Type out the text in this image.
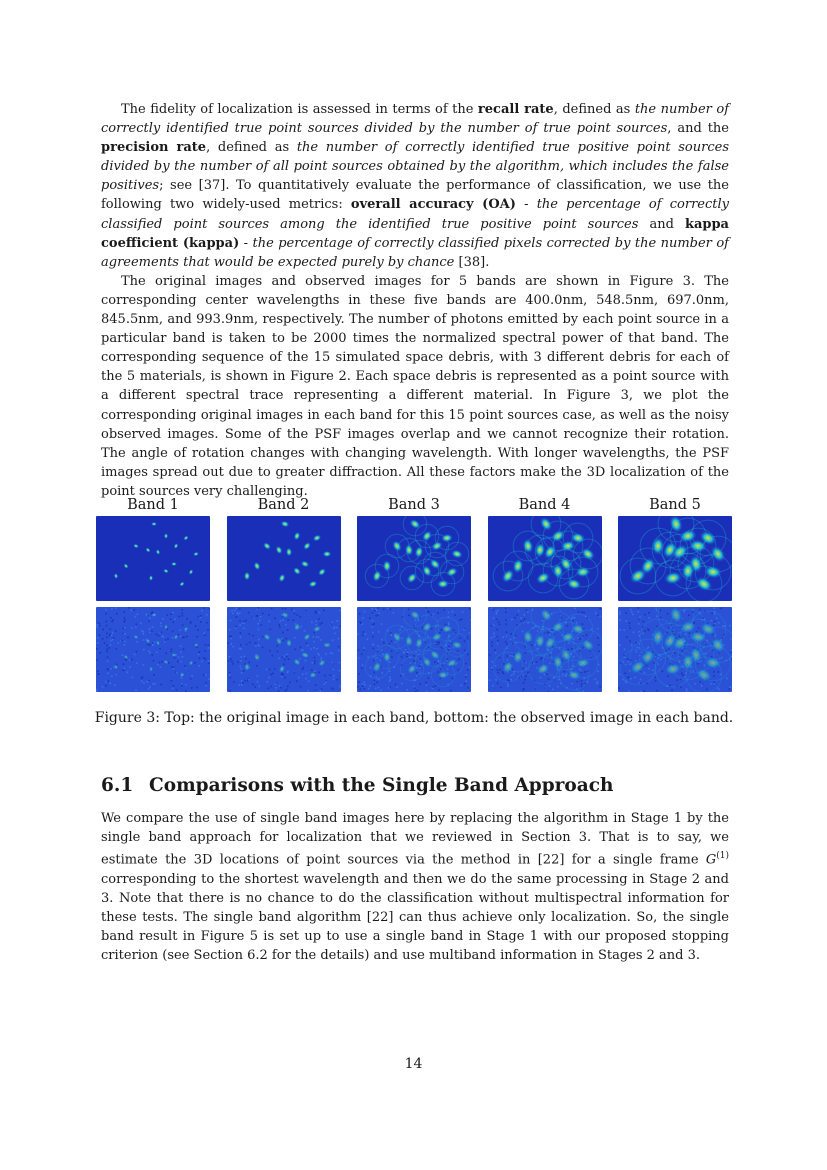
The fidelity of localization is assessed in terms of the recall rate, defined as the number of correctly identified true point sources divided by the number of true point sources, and the precision rate, defined as the number of correctly identified true positive point sources divided by the number of all point sources obtained by the algorithm, which includes the false positives; see [37]. To quantitatively evaluate the performance of classification, we use the following two widely-used metrics: overall accuracy (OA) - the percentage of correctly classified point sources among the identified true positive point sources and kappa coefficient (kappa) - the percentage of correctly classified pixels corrected by the number of agreements that would be expected purely by chance [38].

The original images and observed images for 5 bands are shown in Figure 3. The corresponding center wavelengths in these five bands are 400.0nm, 548.5nm, 697.0nm, 845.5nm, and 993.9nm, respectively. The number of photons emitted by each point source in a particular band is taken to be 2000 times the normalized spectral power of that band. The corresponding sequence of the 15 simulated space debris, with 3 different debris for each of the 5 materials, is shown in Figure 2. Each space debris is represented as a point source with a different spectral trace representing a different material. In Figure 3, we plot the corresponding original images in each band for this 15 point sources case, as well as the noisy observed images. Some of the PSF images overlap and we cannot recognize their rotation. The angle of rotation changes with changing wavelength. With longer wavelengths, the PSF images spread out due to greater diffraction. All these factors make the 3D localization of the point sources very challenging.

Band 1	Band 2	Band 3	Band 4	Band 5
Figure 3: Top: the original image in each band, bottom: the observed image in each band.
6.1 Comparisons with the Single Band Approach

We compare the use of single band images here by replacing the algorithm in Stage 1 by the single band approach for localization that we reviewed in Section 3. That is to say, we estimate the 3D locations of point sources via the method in [22] for a single frame $G^{(1)}$ corresponding to the shortest wavelength and then we do the same processing in Stage 2 and 3. Note that there is no chance to do the classification without multispectral information for these tests. The single band algorithm [22] can thus achieve only localization. So, the single band result in Figure 5 is set up to use a single band in Stage 1 with our proposed stopping criterion (see Section 6.2 for the details) and use multiband information in Stages 2 and 3.

14
